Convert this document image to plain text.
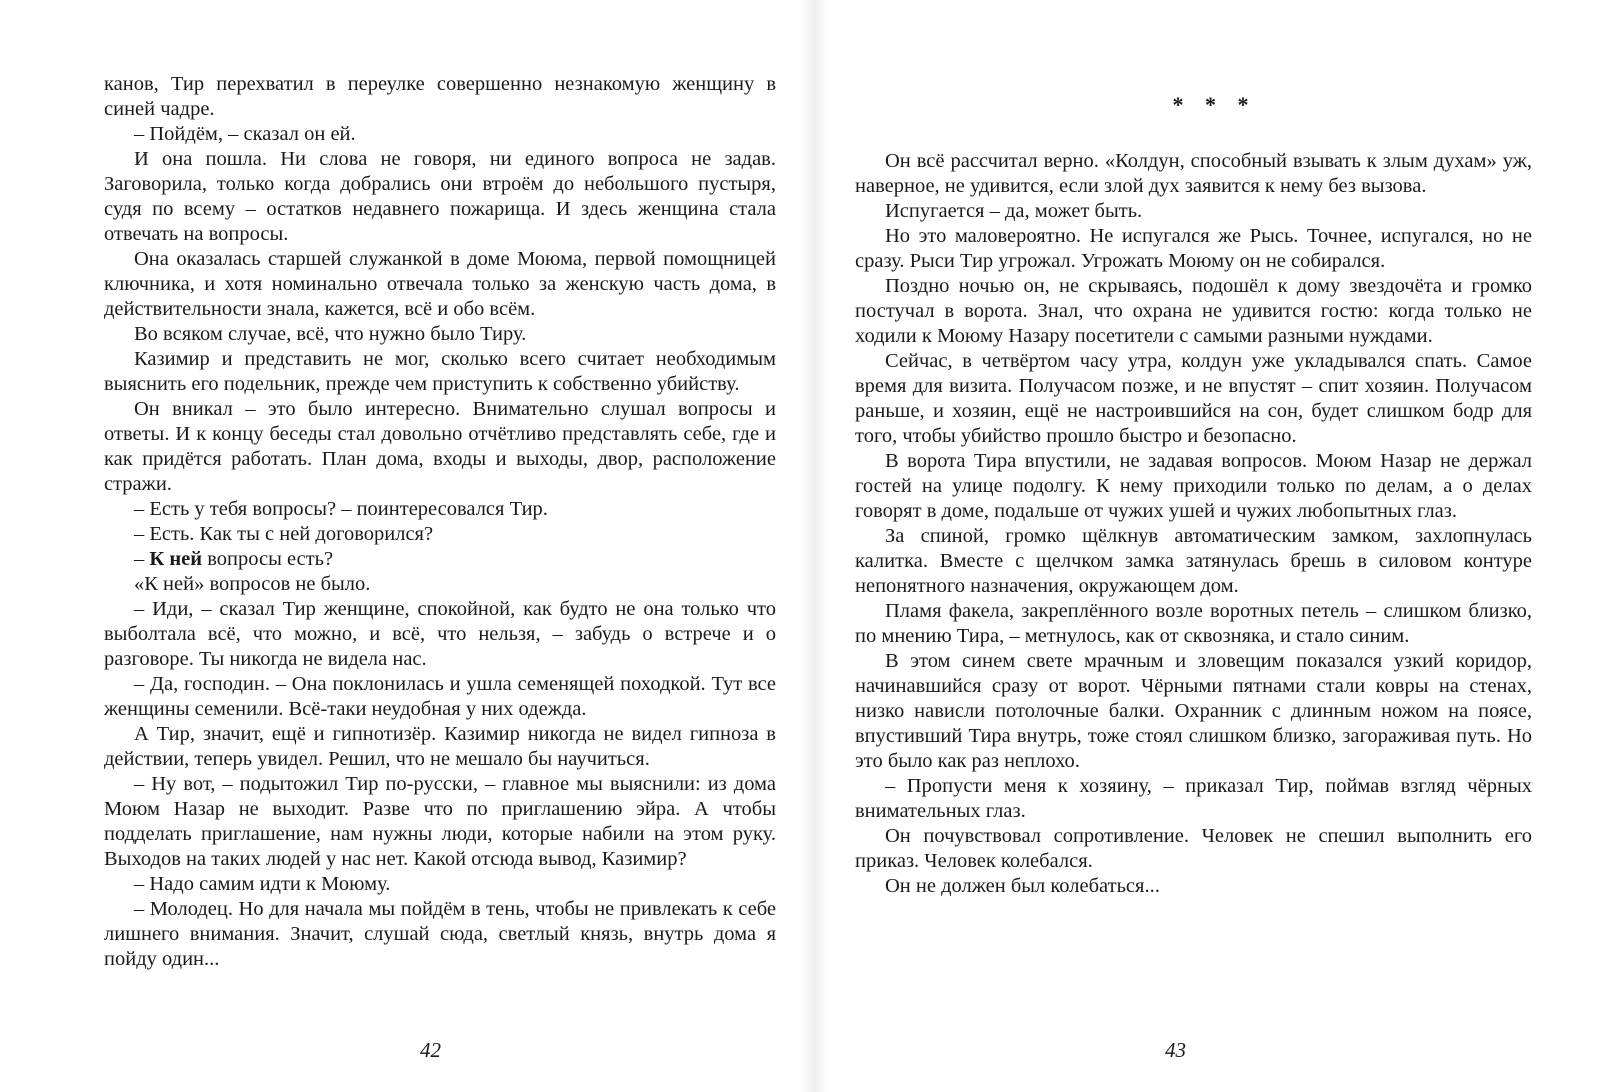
канов, Тир перехватил в переулке совершенно незнакомую женщину в синей чадре.

– Пойдём, – сказал он ей.

И она пошла. Ни слова не говоря, ни единого вопроса не задав. Заговорила, только когда добрались они втроём до небольшого пустыря, судя по всему – остатков недавнего пожарища. И здесь женщина стала отвечать на вопросы.

Она оказалась старшей служанкой в доме Моюма, первой помощницей ключника, и хотя номинально отвечала только за женскую часть дома, в действительности знала, кажется, всё и обо всём.

Во всяком случае, всё, что нужно было Тиру.

Казимир и представить не мог, сколько всего считает необходимым выяснить его подельник, прежде чем приступить к собственно убийству.

Он вникал – это было интересно. Внимательно слушал вопросы и ответы. И к концу беседы стал довольно отчётливо представлять себе, где и как придётся работать. План дома, входы и выходы, двор, расположение стражи.

– Есть у тебя вопросы? – поинтересовался Тир.

– Есть. Как ты с ней договорился?

– К ней вопросы есть?

«К ней» вопросов не было.

– Иди, – сказал Тир женщине, спокойной, как будто не она только что выболтала всё, что можно, и всё, что нельзя, – забудь о встрече и о разговоре. Ты никогда не видела нас.

– Да, господин. – Она поклонилась и ушла семенящей походкой. Тут все женщины семенили. Всё-таки неудобная у них одежда.

А Тир, значит, ещё и гипнотизёр. Казимир никогда не видел гипноза в действии, теперь увидел. Решил, что не мешало бы научиться.

– Ну вот, – подытожил Тир по-русски, – главное мы выяснили: из дома Моюм Назар не выходит. Разве что по приглашению эйра. А чтобы подделать приглашение, нам нужны люди, которые набили на этом руку. Выходов на таких людей у нас нет. Какой отсюда вывод, Казимир?

– Надо самим идти к Моюму.

– Молодец. Но для начала мы пойдём в тень, чтобы не привлекать к себе лишнего внимания. Значит, слушай сюда, светлый князь, внутрь дома я пойду один...

42
* * *

Он всё рассчитал верно. «Колдун, способный взывать к злым духам» уж, наверное, не удивится, если злой дух заявится к нему без вызова.

Испугается – да, может быть.

Но это маловероятно. Не испугался же Рысь. Точнее, испугался, но не сразу. Рыси Тир угрожал. Угрожать Моюму он не собирался.

Поздно ночью он, не скрываясь, подошёл к дому звездочёта и громко постучал в ворота. Знал, что охрана не удивится гостю: когда только не ходили к Моюму Назару посетители с самыми разными нуждами.

Сейчас, в четвёртом часу утра, колдун уже укладывался спать. Самое время для визита. Получасом позже, и не впустят – спит хозяин. Получасом раньше, и хозяин, ещё не настроившийся на сон, будет слишком бодр для того, чтобы убийство прошло быстро и безопасно.

В ворота Тира впустили, не задавая вопросов. Моюм Назар не держал гостей на улице подолгу. К нему приходили только по делам, а о делах говорят в доме, подальше от чужих ушей и чужих любопытных глаз.

За спиной, громко щёлкнув автоматическим замком, захлопнулась калитка. Вместе с щелчком замка затянулась брешь в силовом контуре непонятного назначения, окружающем дом.

Пламя факела, закреплённого возле воротных петель – слишком близко, по мнению Тира, – метнулось, как от сквозняка, и стало синим.

В этом синем свете мрачным и зловещим показался узкий коридор, начинавшийся сразу от ворот. Чёрными пятнами стали ковры на стенах, низко нависли потолочные балки. Охранник с длинным ножом на поясе, впустивший Тира внутрь, тоже стоял слишком близко, загораживая путь. Но это было как раз неплохо.

– Пропусти меня к хозяину, – приказал Тир, поймав взгляд чёрных внимательных глаз.

Он почувствовал сопротивление. Человек не спешил выполнить его приказ. Человек колебался.

Он не должен был колебаться...

43
